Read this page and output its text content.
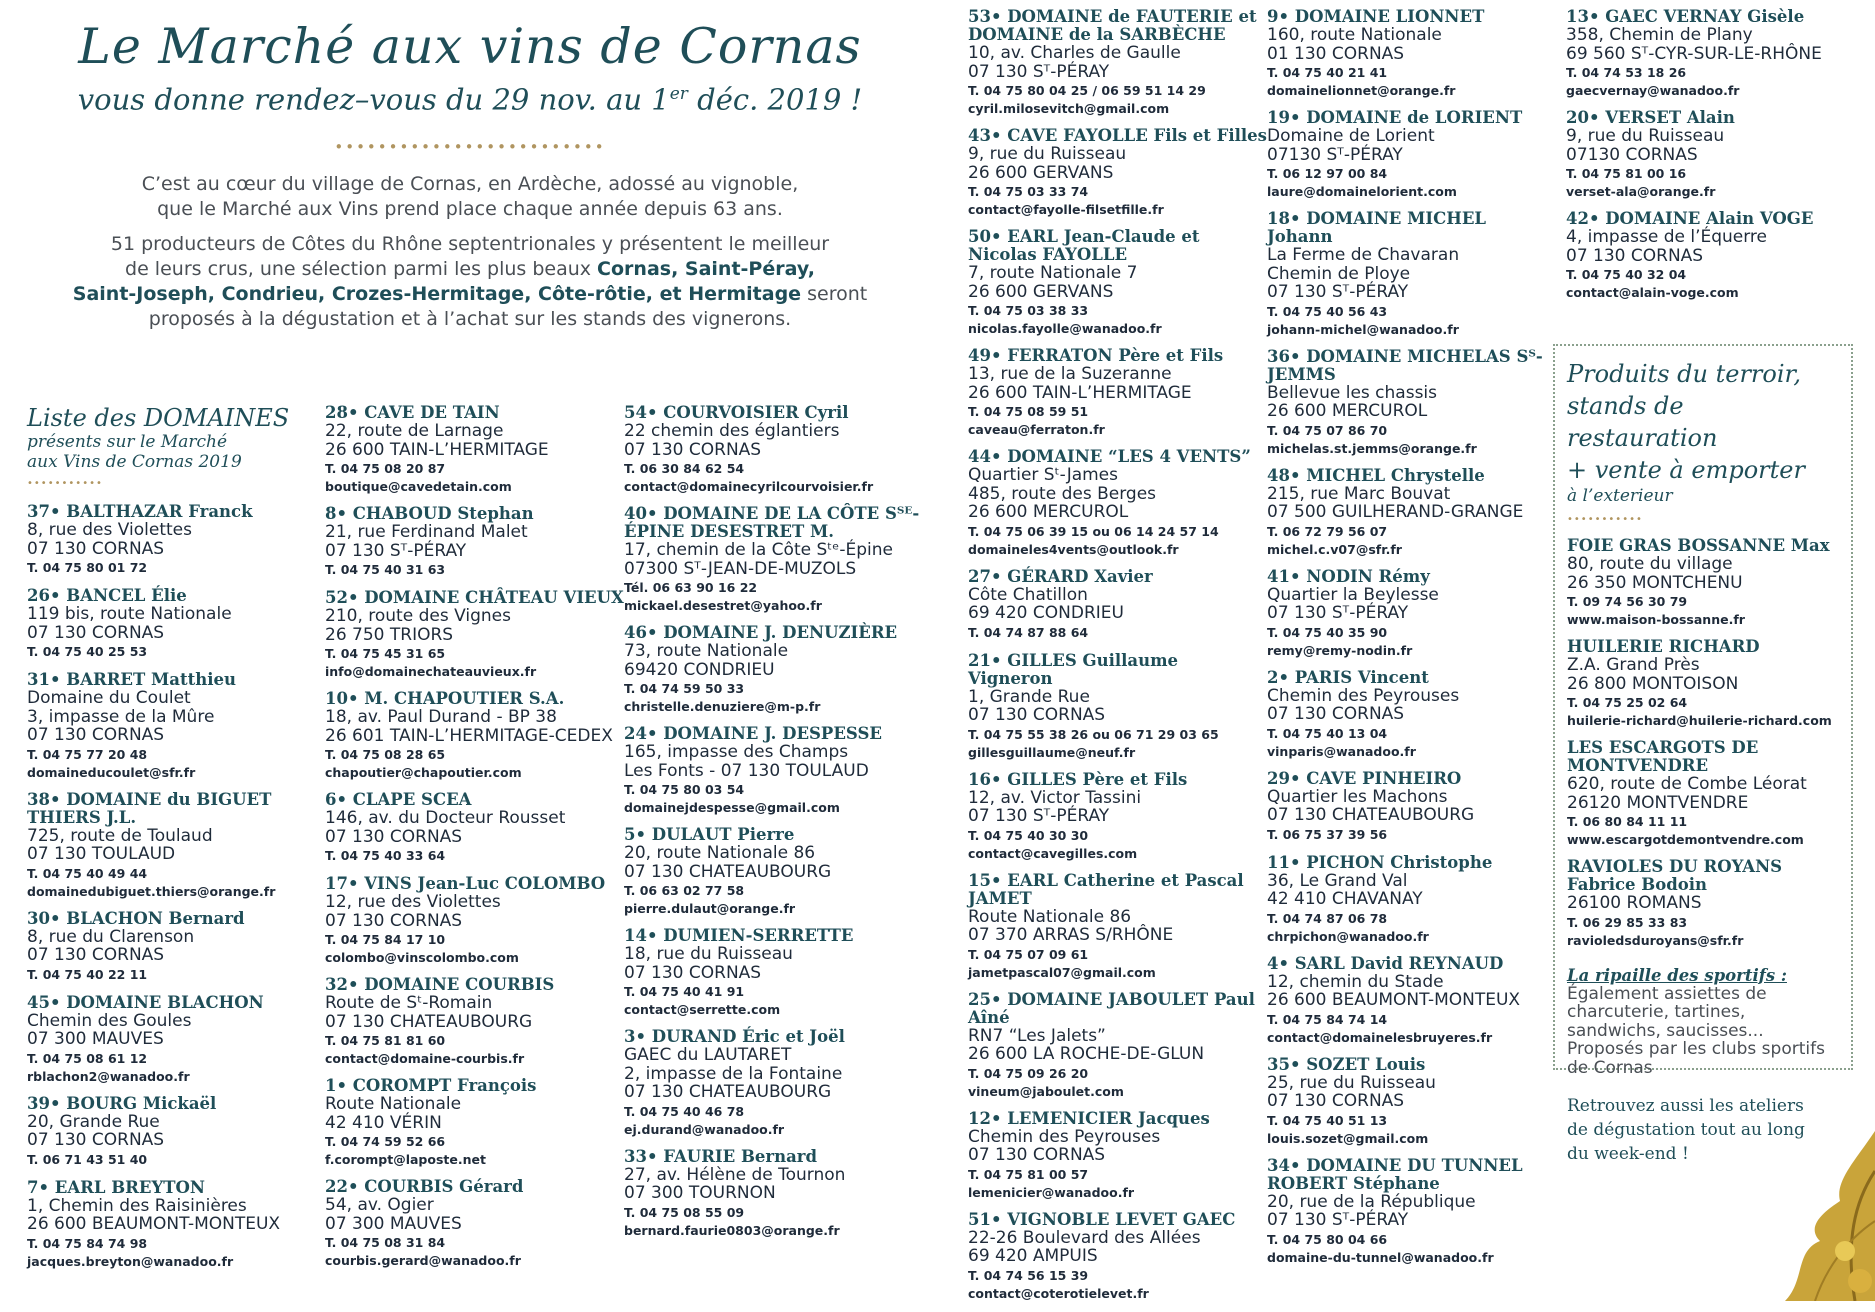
Le Marché aux vins de Cornas
vous donne rendez–vous du 29 nov. au 1er déc. 2019 !
•••••••••••••••••••••••••
C’est au cœur du village de Cornas, en Ardèche, adossé au vignoble,
que le Marché aux Vins prend place chaque année depuis 63 ans.
51 producteurs de Côtes du Rhône septentrionales y présentent le meilleur
de leurs crus, une sélection parmi les plus beaux Cornas, Saint-Péray,
Saint-Joseph, Condrieu, Crozes-Hermitage, Côte-rôtie, et Hermitage seront
proposés à la dégustation et à l’achat sur les stands des vignerons.
Liste des DOMAINES
présents sur le Marché
aux Vins de Cornas 2019
•••••••••••
37• BALTHAZAR Franck
8, rue des Violettes
07 130 CORNAS
T. 04 75 80 01 72
26• BANCEL Élie
119 bis, route Nationale
07 130 CORNAS
T. 04 75 40 25 53
31• BARRET Matthieu
Domaine du Coulet
3, impasse de la Mûre
07 130 CORNAS
T. 04 75 77 20 48
domaineducoulet@sfr.fr
38• DOMAINE du BIGUET THIERS J.L.
725, route de Toulaud
07 130 TOULAUD
T. 04 75 40 49 44
domainedubiguet.thiers@orange.fr
30• BLACHON Bernard
8, rue du Clarenson
07 130 CORNAS
T. 04 75 40 22 11
45• DOMAINE BLACHON
Chemin des Goules
07 300 MAUVES
T. 04 75 08 61 12
rblachon2@wanadoo.fr
39• BOURG Mickaël
20, Grande Rue
07 130 CORNAS
T. 06 71 43 51 40
7• EARL BREYTON
1, Chemin des Raisinières
26 600 BEAUMONT-MONTEUX
T. 04 75 84 74 98
jacques.breyton@wanadoo.fr
28• CAVE DE TAIN
22, route de Larnage
26 600 TAIN-L’HERMITAGE
T. 04 75 08 20 87
boutique@cavedetain.com
8• CHABOUD Stephan
21, rue Ferdinand Malet
07 130 Sᵀ-PÉRAY
T. 04 75 40 31 63
52• DOMAINE CHÂTEAU VIEUX
210, route des Vignes
26 750 TRIORS
T. 04 75 45 31 65
info@domainechateauvieux.fr
10• M. CHAPOUTIER S.A.
18, av. Paul Durand - BP 38
26 601 TAIN-L’HERMITAGE-CEDEX
T. 04 75 08 28 65
chapoutier@chapoutier.com
6• CLAPE SCEA
146, av. du Docteur Rousset
07 130 CORNAS
T. 04 75 40 33 64
17• VINS Jean-Luc COLOMBO
12, rue des Violettes
07 130 CORNAS
T. 04 75 84 17 10
colombo@vinscolombo.com
32• DOMAINE COURBIS
Route de Sᵗ-Romain
07 130 CHATEAUBOURG
T. 04 75 81 81 60
contact@domaine-courbis.fr
1• COROMPT François
Route Nationale
42 410 VÉRIN
T. 04 74 59 52 66
f.corompt@laposte.net
22• COURBIS Gérard
54, av. Ogier
07 300 MAUVES
T. 04 75 08 31 84
courbis.gerard@wanadoo.fr
54• COURVOISIER Cyril
22 chemin des églantiers
07 130 CORNAS
T. 06 30 84 62 54
contact@domainecyrilcourvoisier.fr
40• DOMAINE DE LA CÔTE Sᵀᴱ-ÉPINE DESESTRET M.
17, chemin de la Côte Sᵗᵉ-Épine
07300 Sᵀ-JEAN-DE-MUZOLS
Tél. 06 63 90 16 22
mickael.desestret@yahoo.fr
46• DOMAINE J. DENUZIÈRE
73, route Nationale
69420 CONDRIEU
T. 04 74 59 50 33
christelle.denuziere@m-p.fr
24• DOMAINE J. DESPESSE
165, impasse des Champs
Les Fonts - 07 130 TOULAUD
T. 04 75 80 03 54
domainejdespesse@gmail.com
5• DULAUT Pierre
20, route Nationale 86
07 130 CHATEAUBOURG
T. 06 63 02 77 58
pierre.dulaut@orange.fr
14• DUMIEN-SERRETTE
18, rue du Ruisseau
07 130 CORNAS
T. 04 75 40 41 91
contact@serrette.com
3• DURAND Éric et Joël
GAEC du LAUTARET
2, impasse de la Fontaine
07 130 CHATEAUBOURG
T. 04 75 40 46 78
ej.durand@wanadoo.fr
33• FAURIE Bernard
27, av. Hélène de Tournon
07 300 TOURNON
T. 04 75 08 55 09
bernard.faurie0803@orange.fr
53• DOMAINE de FAUTERIE et DOMAINE de la SARBÈCHE
10, av. Charles de Gaulle
07 130 Sᵀ-PÉRAY
T. 04 75 80 04 25 / 06 59 51 14 29
cyril.milosevitch@gmail.com
43• CAVE FAYOLLE Fils et Filles
9, rue du Ruisseau
26 600 GERVANS
T. 04 75 03 33 74
contact@fayolle-filsetfille.fr
50• EARL Jean-Claude et Nicolas FAYOLLE
7, route Nationale 7
26 600 GERVANS
T. 04 75 03 38 33
nicolas.fayolle@wanadoo.fr
49• FERRATON Père et Fils
13, rue de la Suzeranne
26 600 TAIN-L’HERMITAGE
T. 04 75 08 59 51
caveau@ferraton.fr
44• DOMAINE “LES 4 VENTS”
Quartier Sᵗ-James
485, route des Berges
26 600 MERCUROL
T. 04 75 06 39 15 ou 06 14 24 57 14
domaineles4vents@outlook.fr
27• GÉRARD Xavier
Côte Chatillon
69 420 CONDRIEU
T. 04 74 87 88 64
21• GILLES Guillaume Vigneron
1, Grande Rue
07 130 CORNAS
T. 04 75 55 38 26 ou 06 71 29 03 65
gillesguillaume@neuf.fr
16• GILLES Père et Fils
12, av. Victor Tassini
07 130 Sᵀ-PÉRAY
T. 04 75 40 30 30
contact@cavegilles.com
15• EARL Catherine et Pascal JAMET
Route Nationale 86
07 370 ARRAS S/RHÔNE
T. 04 75 07 09 61
jametpascal07@gmail.com
25• DOMAINE JABOULET Paul Aîné
RN7 “Les Jalets”
26 600 LA ROCHE-DE-GLUN
T. 04 75 09 26 20
vineum@jaboulet.com
12• LEMENICIER Jacques
Chemin des Peyrouses
07 130 CORNAS
T. 04 75 81 00 57
lemenicier@wanadoo.fr
51• VIGNOBLE LEVET GAEC
22-26 Boulevard des Allées
69 420 AMPUIS
T. 04 74 56 15 39
contact@coterotielevet.fr
9• DOMAINE LIONNET
160, route Nationale
01 130 CORNAS
T. 04 75 40 21 41
domainelionnet@orange.fr
19• DOMAINE de LORIENT
Domaine de Lorient
07130 Sᵀ-PÉRAY
T. 06 12 97 00 84
laure@domainelorient.com
18• DOMAINE MICHEL Johann
La Ferme de Chavaran
Chemin de Ploye
07 130 Sᵀ-PÉRAY
T. 04 75 40 56 43
johann-michel@wanadoo.fr
36• DOMAINE MICHELAS Sᵀ-JEMMS
Bellevue les chassis
26 600 MERCUROL
T. 04 75 07 86 70
michelas.st.jemms@orange.fr
48• MICHEL Chrystelle
215, rue Marc Bouvat
07 500 GUILHERAND-GRANGE
T. 06 72 79 56 07
michel.c.v07@sfr.fr
41• NODIN Rémy
Quartier la Beylesse
07 130 Sᵀ-PÉRAY
T. 04 75 40 35 90
remy@remy-nodin.fr
2• PARIS Vincent
Chemin des Peyrouses
07 130 CORNAS
T. 04 75 40 13 04
vinparis@wanadoo.fr
29• CAVE PINHEIRO
Quartier les Machons
07 130 CHATEAUBOURG
T. 06 75 37 39 56
11• PICHON Christophe
36, Le Grand Val
42 410 CHAVANAY
T. 04 74 87 06 78
chrpichon@wanadoo.fr
4• SARL David REYNAUD
12, chemin du Stade
26 600 BEAUMONT-MONTEUX
T. 04 75 84 74 14
contact@domainelesbruyeres.fr
35• SOZET Louis
25, rue du Ruisseau
07 130 CORNAS
T. 04 75 40 51 13
louis.sozet@gmail.com
34• DOMAINE DU TUNNEL ROBERT Stéphane
20, rue de la République
07 130 Sᵀ-PÉRAY
T. 04 75 80 04 66
domaine-du-tunnel@wanadoo.fr
13• GAEC VERNAY Gisèle
358, Chemin de Plany
69 560 Sᵀ-CYR-SUR-LE-RHÔNE
T. 04 74 53 18 26
gaecvernay@wanadoo.fr
20• VERSET Alain
9, rue du Ruisseau
07130 CORNAS
T. 04 75 81 00 16
verset-ala@orange.fr
42• DOMAINE Alain VOGE
4, impasse de l’Équerre
07 130 CORNAS
T. 04 75 40 32 04
contact@alain-voge.com
Produits du terroir,
stands de restauration
+ vente à emporter
à l’exterieur
•••••••••••
FOIE GRAS BOSSANNE Max
80, route du village
26 350 MONTCHENU
T. 09 74 56 30 79
www.maison-bossanne.fr
HUILERIE RICHARD
Z.A. Grand Près
26 800 MONTOISON
T. 04 75 25 02 64
huilerie-richard@huilerie-richard.com
LES ESCARGOTS DE MONTVENDRE
620, route de Combe Léorat
26120 MONTVENDRE
T. 06 80 84 11 11
www.escargotdemontvendre.com
RAVIOLES DU ROYANS Fabrice Bodoin
26100 ROMANS
T. 06 29 85 33 83
ravioledsduroyans@sfr.fr
La ripaille des sportifs :
Également assiettes de
charcuterie, tartines,
sandwichs, saucisses...
Proposés par les clubs sportifs
de Cornas
Retrouvez aussi les ateliers
de dégustation tout au long
du week-end !
